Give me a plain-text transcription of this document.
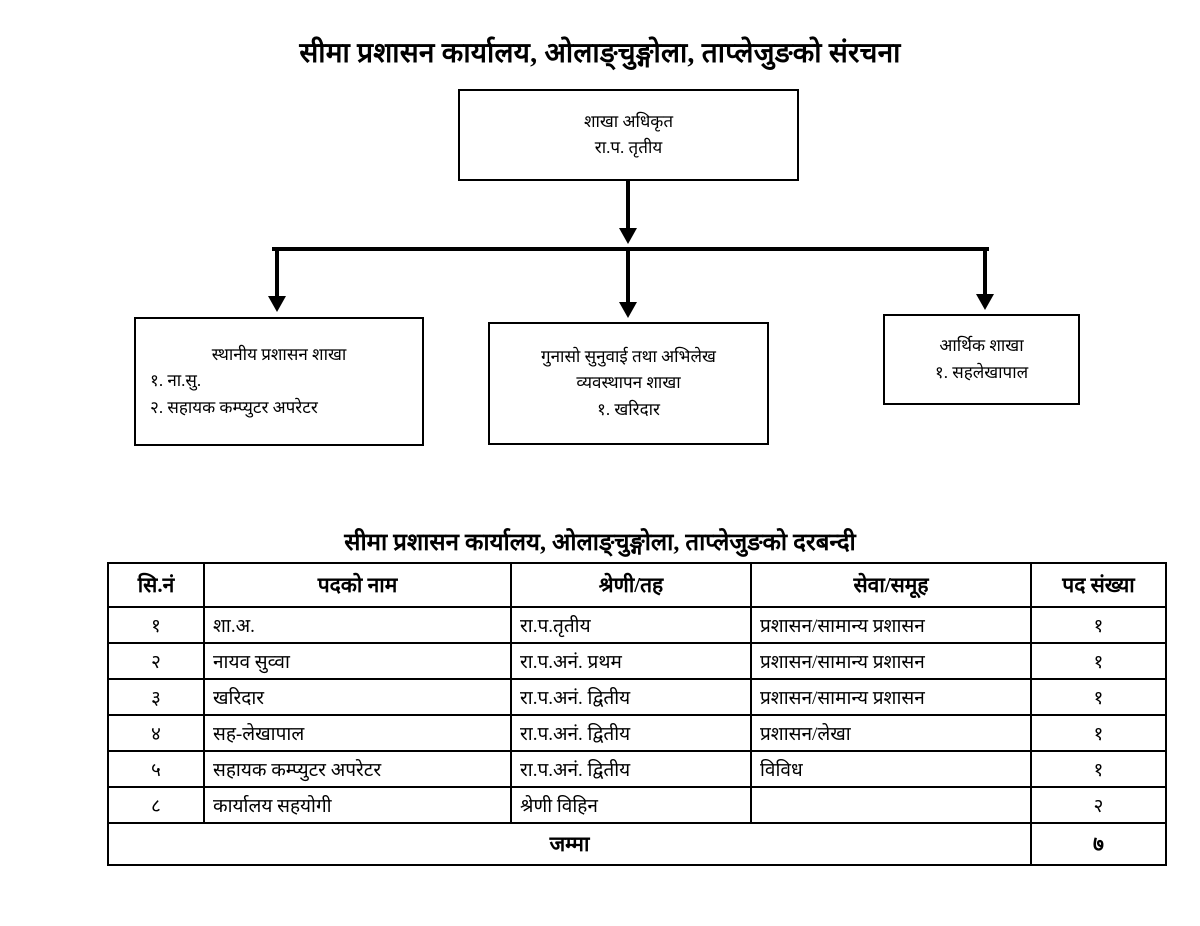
सीमा प्रशासन कार्यालय, ओलाङ्चुङ्गोला, ताप्लेजुङको संरचना
शाखा अधिकृत
रा.प. तृतीय
स्थानीय प्रशासन शाखा
१. ना.सु.
२. सहायक कम्प्युटर अपरेटर
गुनासो सुनुवाई तथा अभिलेख
व्यवस्थापन शाखा
१. खरिदार
आर्थिक शाखा
१. सहलेखापाल
सीमा प्रशासन कार्यालय, ओलाङ्चुङ्गोला, ताप्लेजुङको दरबन्दी
सि.नं	पदको नाम	श्रेणी/तह	सेवा/समूह	पद संख्या
१	शा.अ.	रा.प.तृतीय	प्रशासन/सामान्य प्रशासन	१
२	नायव सुव्वा	रा.प.अनं. प्रथम	प्रशासन/सामान्य प्रशासन	१
३	खरिदार	रा.प.अनं. द्वितीय	प्रशासन/सामान्य प्रशासन	१
४	सह-लेखापाल	रा.प.अनं. द्वितीय	प्रशासन/लेखा	१
५	सहायक कम्प्युटर अपरेटर	रा.प.अनं. द्वितीय	विविध	१
८	कार्यालय सहयोगी	श्रेणी विहिन		२
जम्मा				७
